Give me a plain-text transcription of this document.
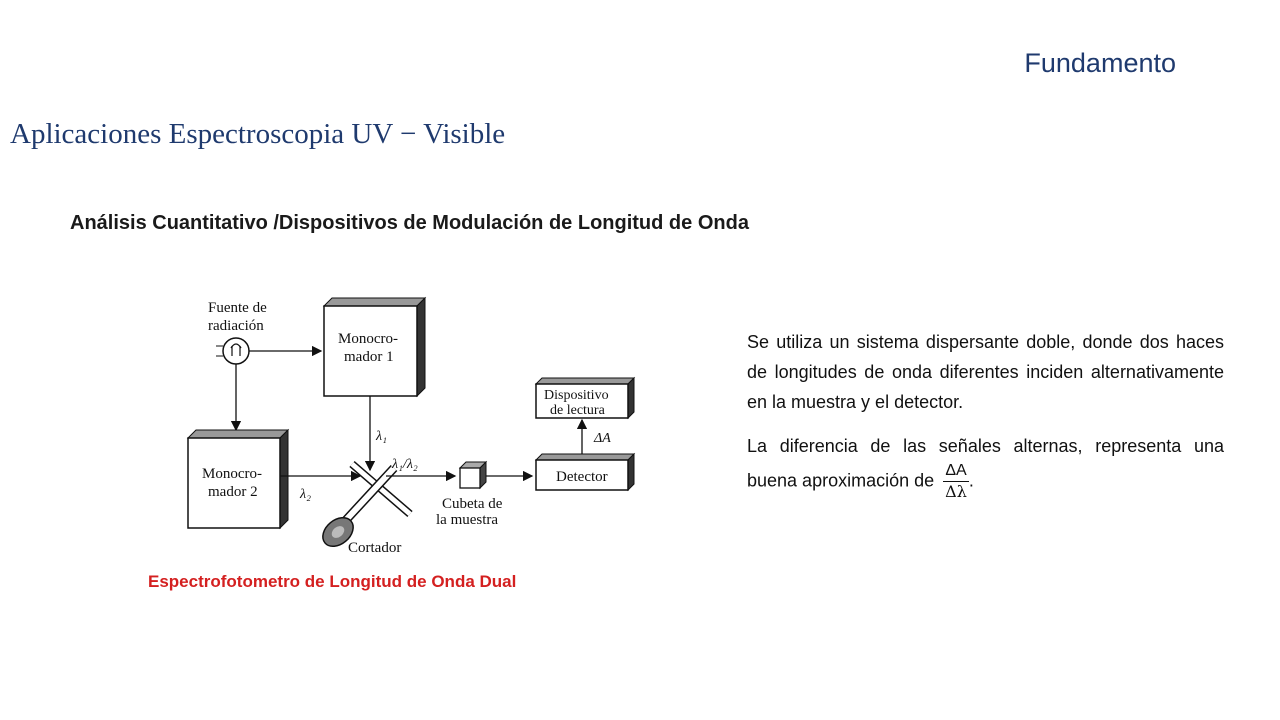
Fundamento
Aplicaciones Espectroscopia UV − Visible
Análisis Cuantitativo /Dispositivos de Modulación de Longitud de Onda
Fuente de
radiación
Monocro-
mador 1
Monocro-
mador 2
λ₁
λ₂
Cortador
λ₁/λ₂
Cubeta de
la muestra
Detector
ΔA
Dispositivo
de lectura
Espectrofotometro de Longitud de Onda Dual

Se utiliza un sistema dispersante doble, donde dos haces de longitudes de onda diferentes inciden alternativamente en la muestra y el detector.

La diferencia de las señales alternas, representa una buena aproximación de $\frac{\Delta A}{\Delta\lambda}$ .
